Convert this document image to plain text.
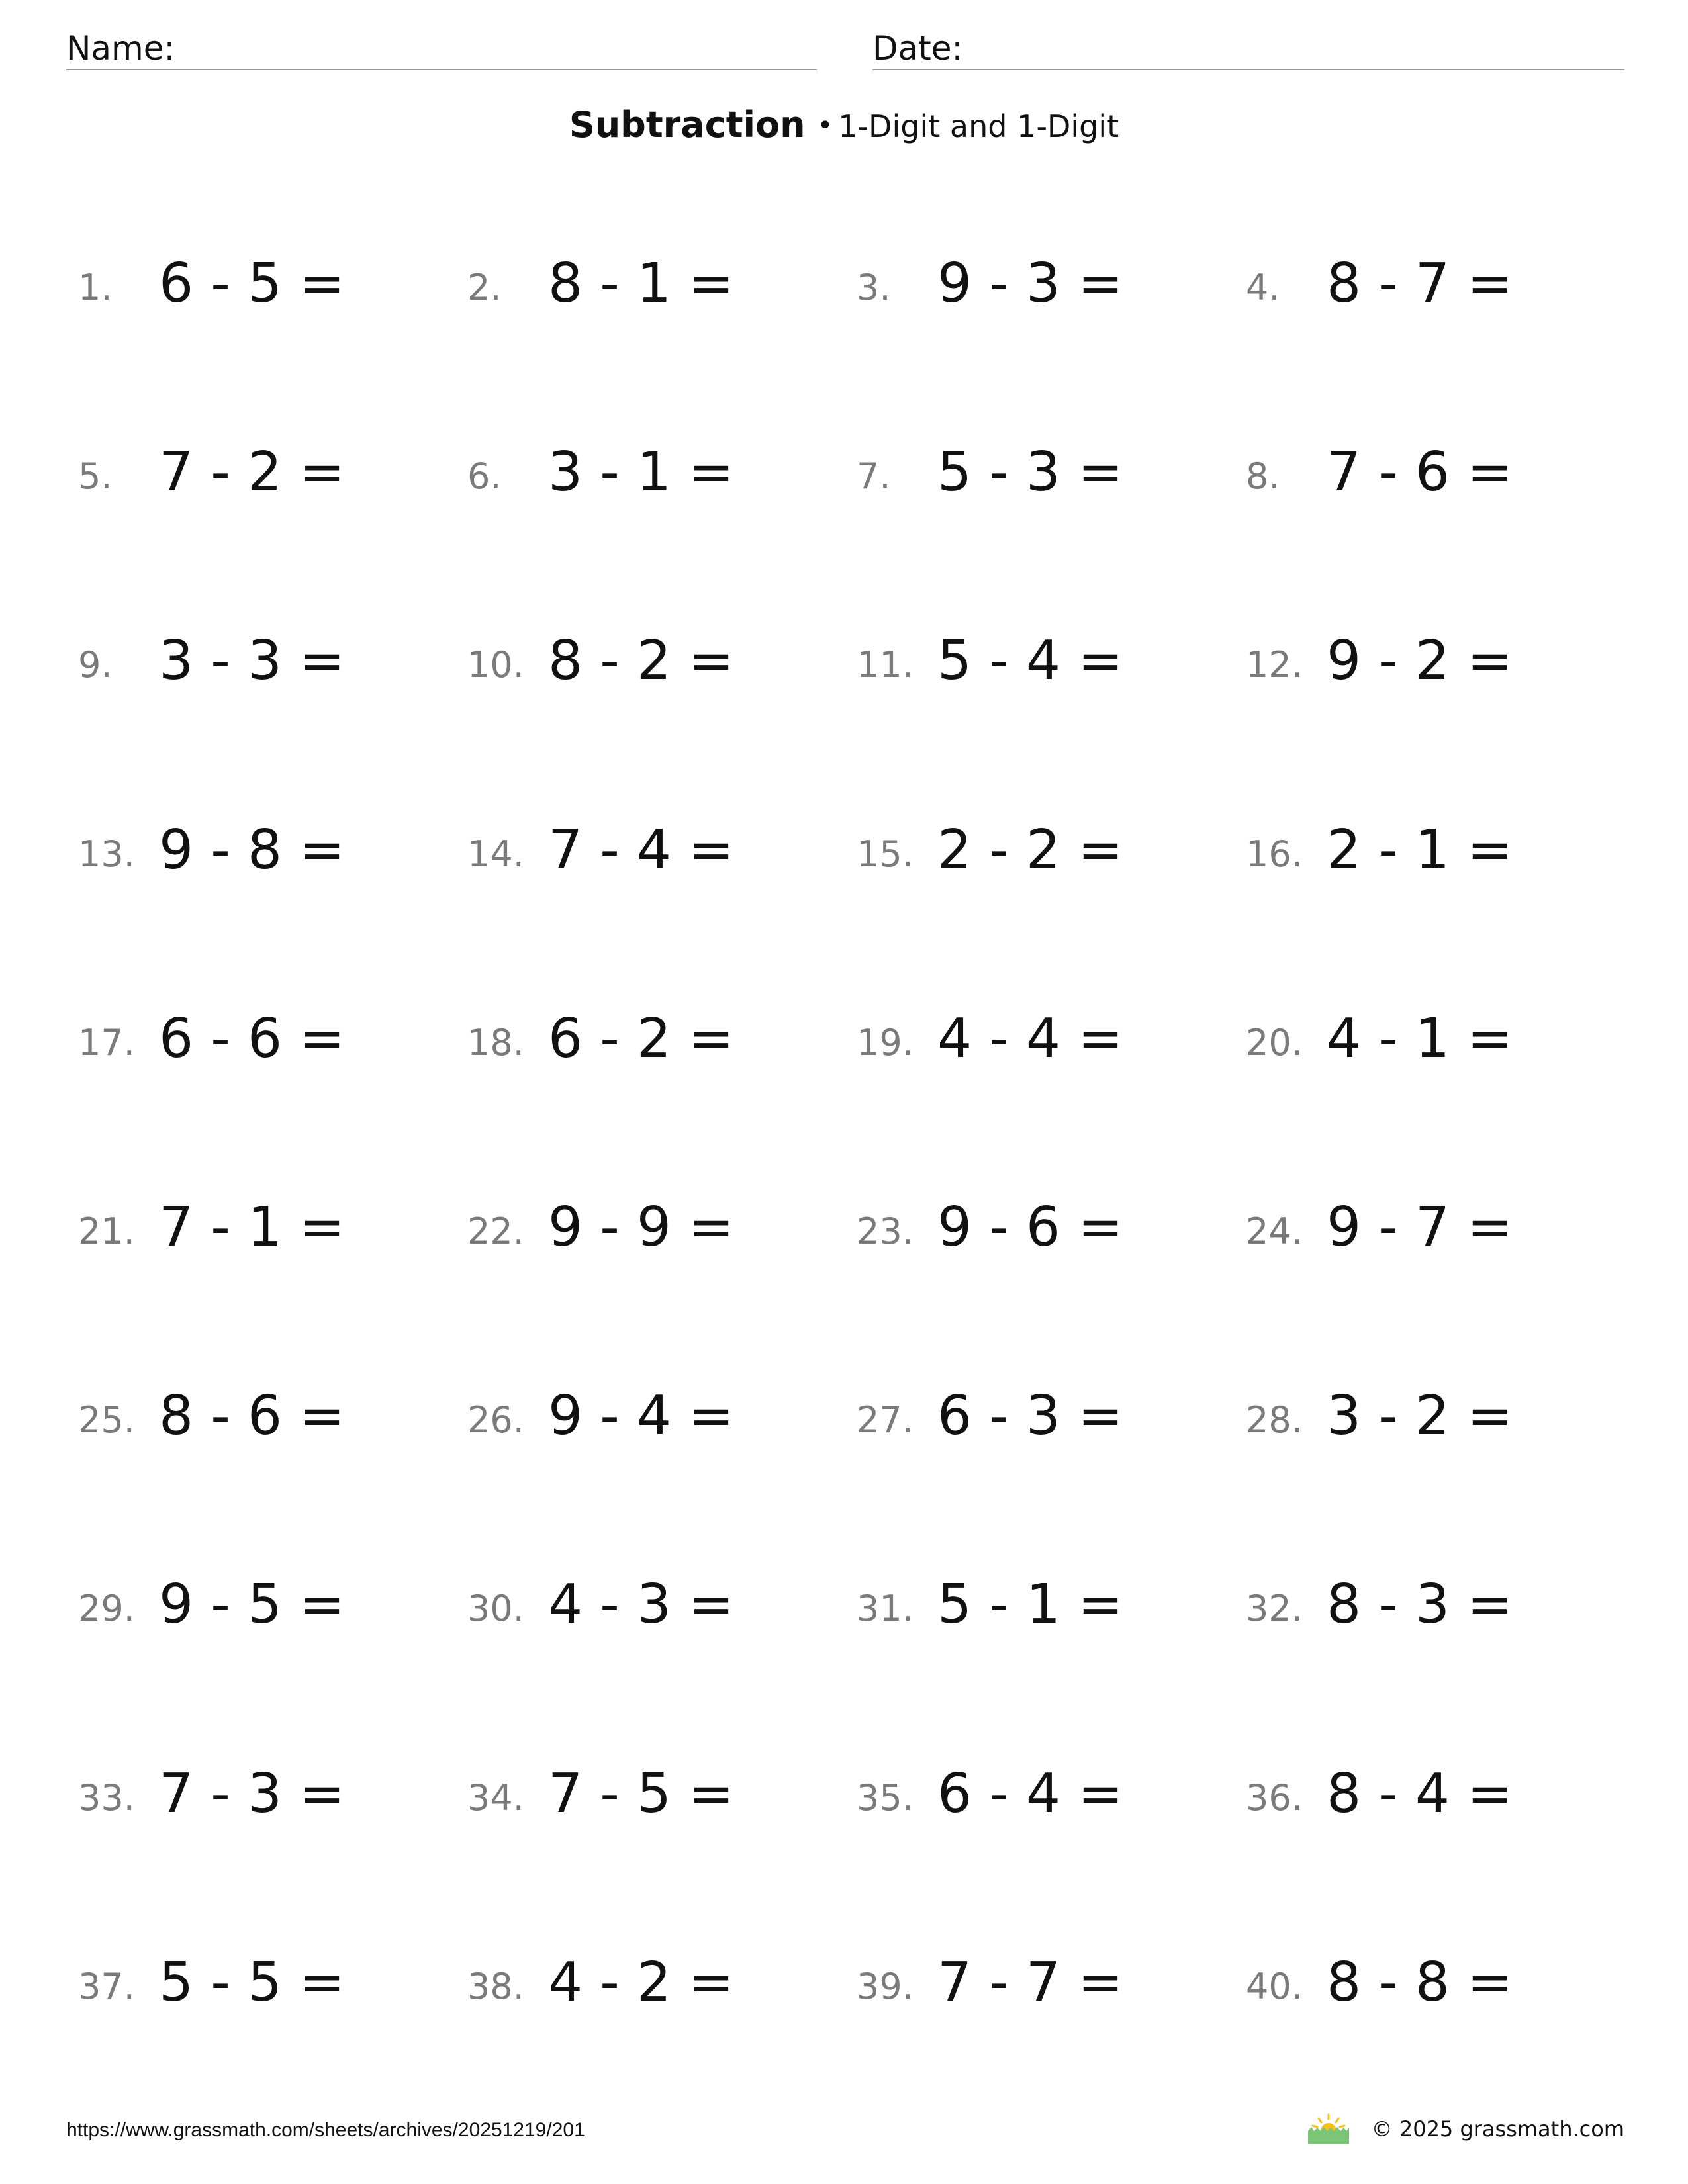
Name:	Date:
Subtraction • 1-Digit and 1-Digit
1. 6 - 5 =	2. 8 - 1 =	3. 9 - 3 =	4. 8 - 7 =
5. 7 - 2 =	6. 3 - 1 =	7. 5 - 3 =	8. 7 - 6 =
9. 3 - 3 =	10. 8 - 2 =	11. 5 - 4 =	12. 9 - 2 =
13. 9 - 8 =	14. 7 - 4 =	15. 2 - 2 =	16. 2 - 1 =
17. 6 - 6 =	18. 6 - 2 =	19. 4 - 4 =	20. 4 - 1 =
21. 7 - 1 =	22. 9 - 9 =	23. 9 - 6 =	24. 9 - 7 =
25. 8 - 6 =	26. 9 - 4 =	27. 6 - 3 =	28. 3 - 2 =
29. 9 - 5 =	30. 4 - 3 =	31. 5 - 1 =	32. 8 - 3 =
33. 7 - 3 =	34. 7 - 5 =	35. 6 - 4 =	36. 8 - 4 =
37. 5 - 5 =	38. 4 - 2 =	39. 7 - 7 =	40. 8 - 8 =
https://www.grassmath.com/sheets/archives/20251219/201	© 2025 grassmath.com
